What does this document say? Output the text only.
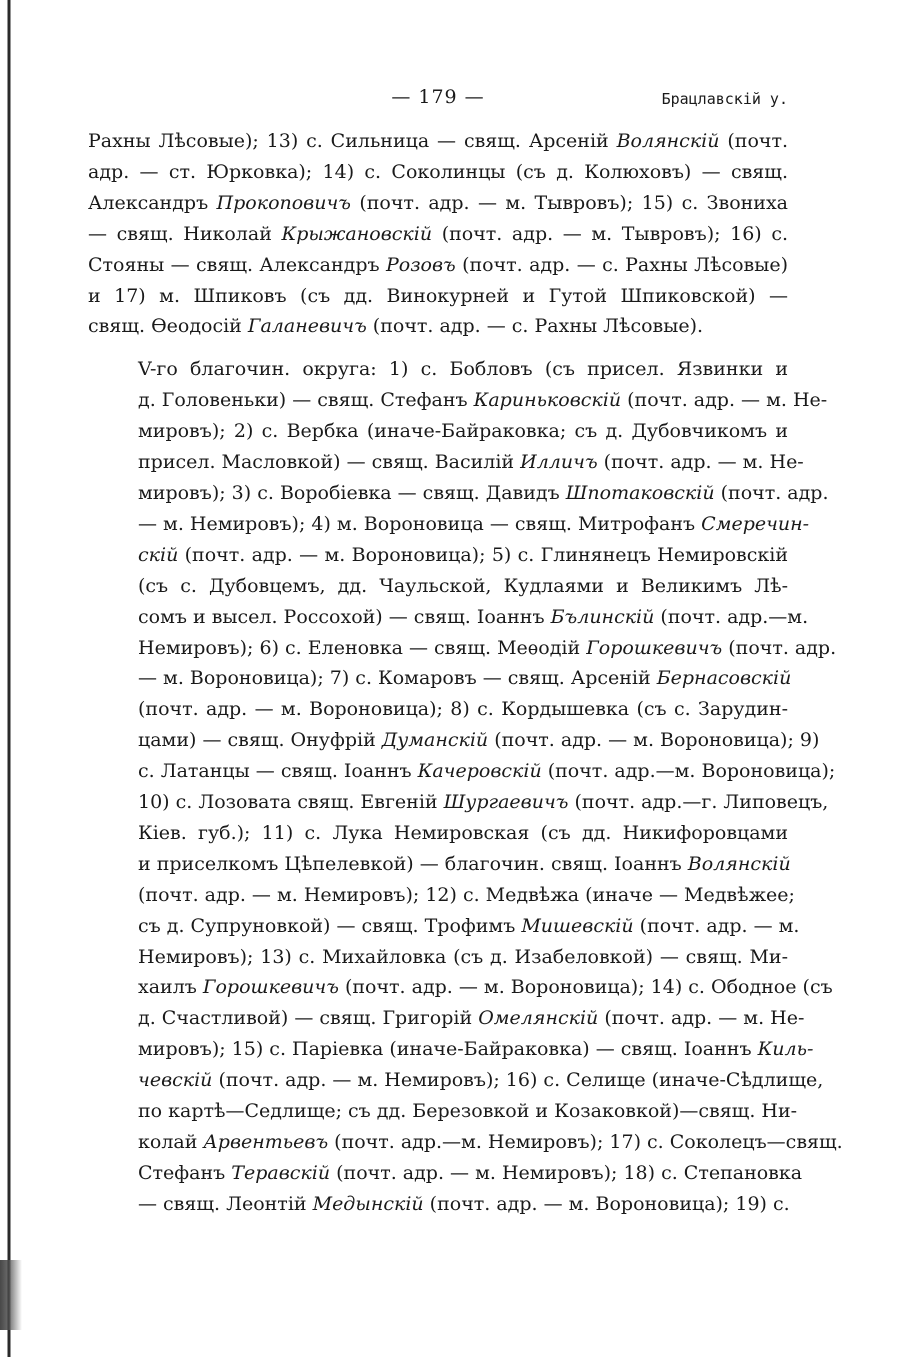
— 179 —	Брацлавскій у.

Рахны Лѣсовые); 13) с. Сильница — свящ. Арсеній Волянскій (почт.
адр. — ст. Юрковка); 14) с. Соколинцы (съ д. Колюховъ) — свящ.
Александръ Прокоповичъ (почт. адр. — м. Тывровъ); 15) с. Звониха
— свящ. Николай Крыжановскій (почт. адр. — м. Тывровъ); 16) с.
Стояны — свящ. Александръ Розовъ (почт. адр. — с. Рахны Лѣсовые)
и 17) м. Шпиковъ (съ дд. Винокурней и Гутой Шпиковской) —
свящ. Ѳеодосій Галаневичъ (почт. адр. — с. Рахны Лѣсовые).

V-го благочин. округа: 1) с. Бобловъ (съ присел. Язвинки и
д. Головеньки) — свящ. Стефанъ Кариньковскій (почт. адр. — м. Не-
мировъ); 2) с. Вербка (иначе-Байраковка; съ д. Дубовчикомъ и
присел. Масловкой) — свящ. Василій Илличъ (почт. адр. — м. Не-
мировъ); 3) с. Воробіевка — свящ. Давидъ Шпотаковскій (почт. адр.
— м. Немировъ); 4) м. Вороновица — свящ. Митрофанъ Смеречин-
скій (почт. адр. — м. Вороновица); 5) с. Глинянецъ Немировскій
(съ с. Дубовцемъ, дд. Чаульской, Кудлаями и Великимъ Лѣ-
сомъ и высел. Россохой) — свящ. Іоаннъ Бълинскій (почт. адр.—м.
Немировъ); 6) с. Еленовка — свящ. Меѳодій Горошкевичъ (почт. адр.
— м. Вороновица); 7) с. Комаровъ — свящ. Арсеній Бернасовскій
(почт. адр. — м. Вороновица); 8) с. Кордышевка (съ с. Зарудин-
цами) — свящ. Онуфрій Думанскій (почт. адр. — м. Вороновица); 9)
с. Латанцы — свящ. Іоаннъ Качеровскій (почт. адр.—м. Вороновица);
10) с. Лозовата свящ. Евгеній Шургаевичъ (почт. адр.—г. Липовецъ,
Кіев. губ.); 11) с. Лука Немировская (съ дд. Никифоровцами
и приселкомъ Цѣпелевкой) — благочин. свящ. Іоаннъ Волянскій
(почт. адр. — м. Немировъ); 12) с. Медвѣжа (иначе — Медвѣжее;
съ д. Супруновкой) — свящ. Трофимъ Мишевскій (почт. адр. — м.
Немировъ); 13) с. Михайловка (съ д. Изабеловкой) — свящ. Ми-
хаилъ Горошкевичъ (почт. адр. — м. Вороновица); 14) с. Ободное (съ
д. Счастливой) — свящ. Григорій Омелянскій (почт. адр. — м. Не-
мировъ); 15) с. Паріевка (иначе-Байраковка) — свящ. Іоаннъ Киль-
чевскій (почт. адр. — м. Немировъ); 16) с. Селище (иначе-Сѣдлище,
по картѣ—Седлище; съ дд. Березовкой и Козаковкой)—свящ. Ни-
колай Арвентьевъ (почт. адр.—м. Немировъ); 17) с. Соколецъ—свящ.
Стефанъ Теравскій (почт. адр. — м. Немировъ); 18) с. Степановка
— свящ. Леонтій Медынскій (почт. адр. — м. Вороновица); 19) с.
